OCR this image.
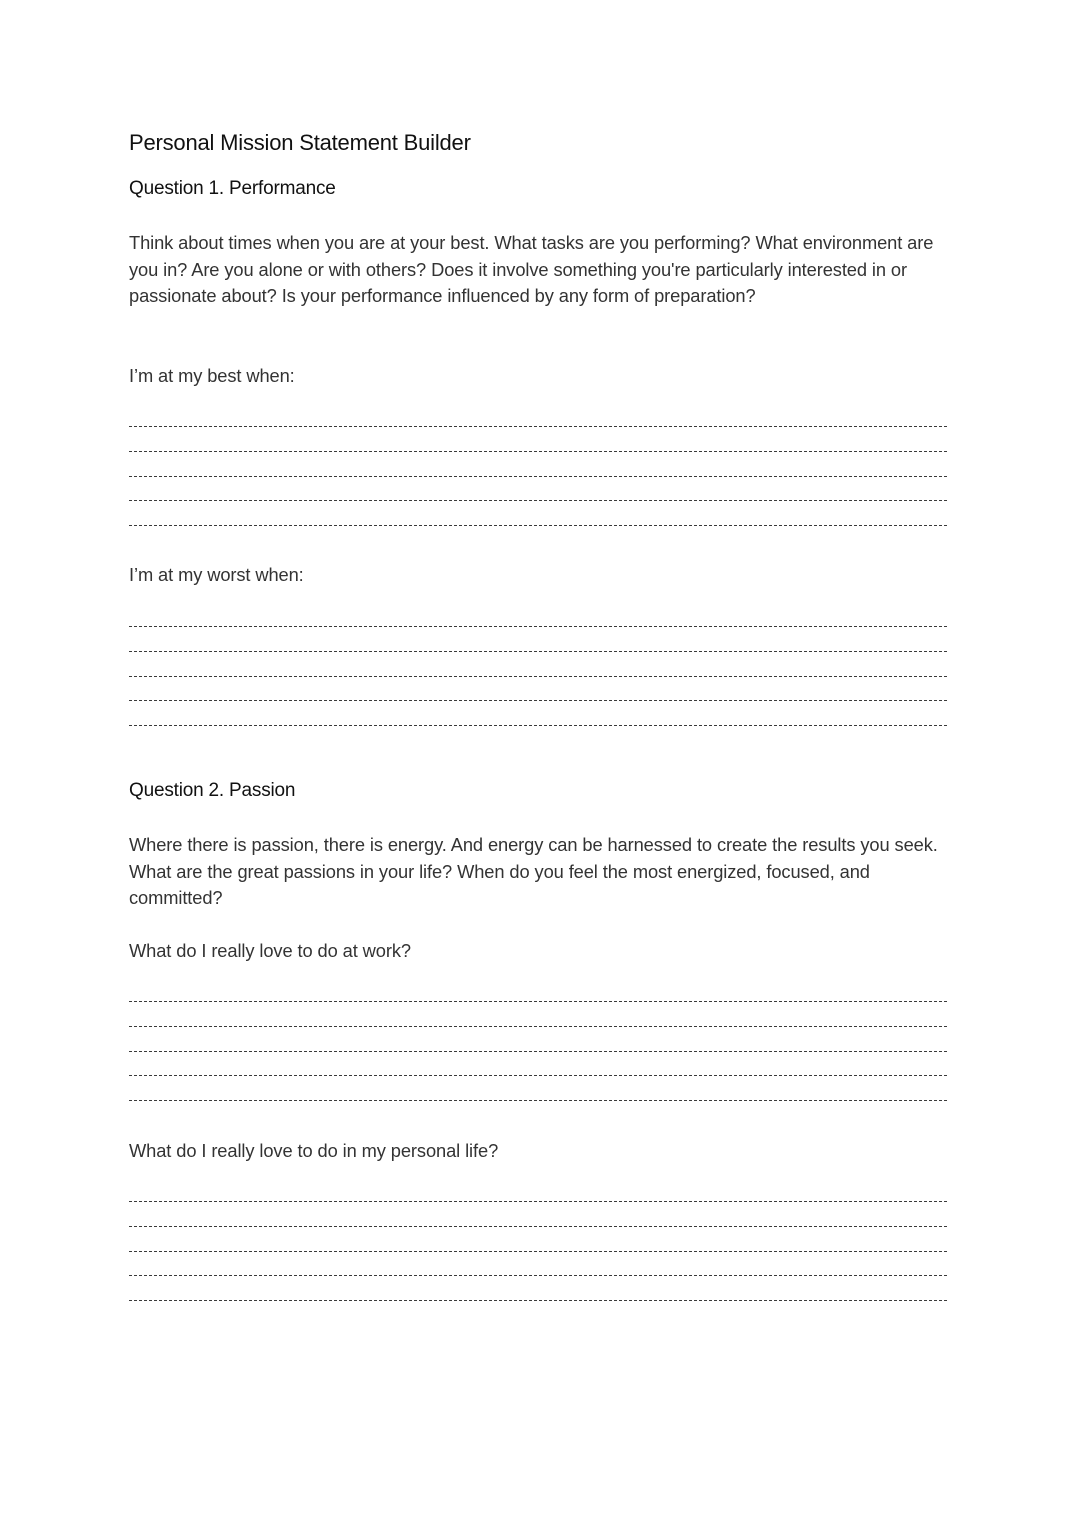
Personal Mission Statement Builder
Question 1. Performance

Think about times when you are at your best. What tasks are you performing? What environment are you in? Are you alone or with others? Does it involve something you're particularly interested in or passionate about? Is your performance influenced by any form of preparation?

I’m at my best when:

I’m at my worst when:

Question 2. Passion

Where there is passion, there is energy. And energy can be harnessed to create the results you seek. What are the great passions in your life? When do you feel the most energized, focused, and committed?

What do I really love to do at work?

What do I really love to do in my personal life?
